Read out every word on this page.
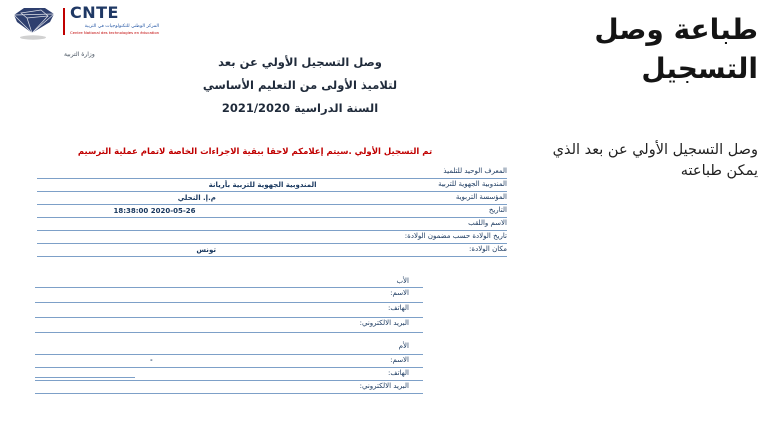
CNTE
المركز الوطني للتكنولوجيات في التربية
Centre National des technologies en éducation
وزارة التربية
وصل التسجيل الأولي عن بعد
لتلاميذ الأولى من التعليم الأساسي
السنة الدراسية 2021/2020
تم التسجيل الأولي .سيتم إعلامكم لاحقا ببقية الاجراءات الخاصة لاتمام عملية الترسيم
المعرف الوحيد للتلميذ
المندوبية الجهوية للتربية بأريانة	المندوبية الجهوية للتربية
م.إ. النحلي	المؤسسة التربوية
18:38:00 2020-05-26	التاريخ
الاسم واللقب
تاريخ الولادة حسب مضمون الولادة:
تونس	مكان الولادة:
الأب
الاسم:
الهاتف:
البريد الالكتروني:
الأم
-	الاسم:
الهاتف:
البريد الالكتروني:
طباعة وصل
التسجيل
وصل التسجيل الأولي عن بعد الذي يمكن طباعته
